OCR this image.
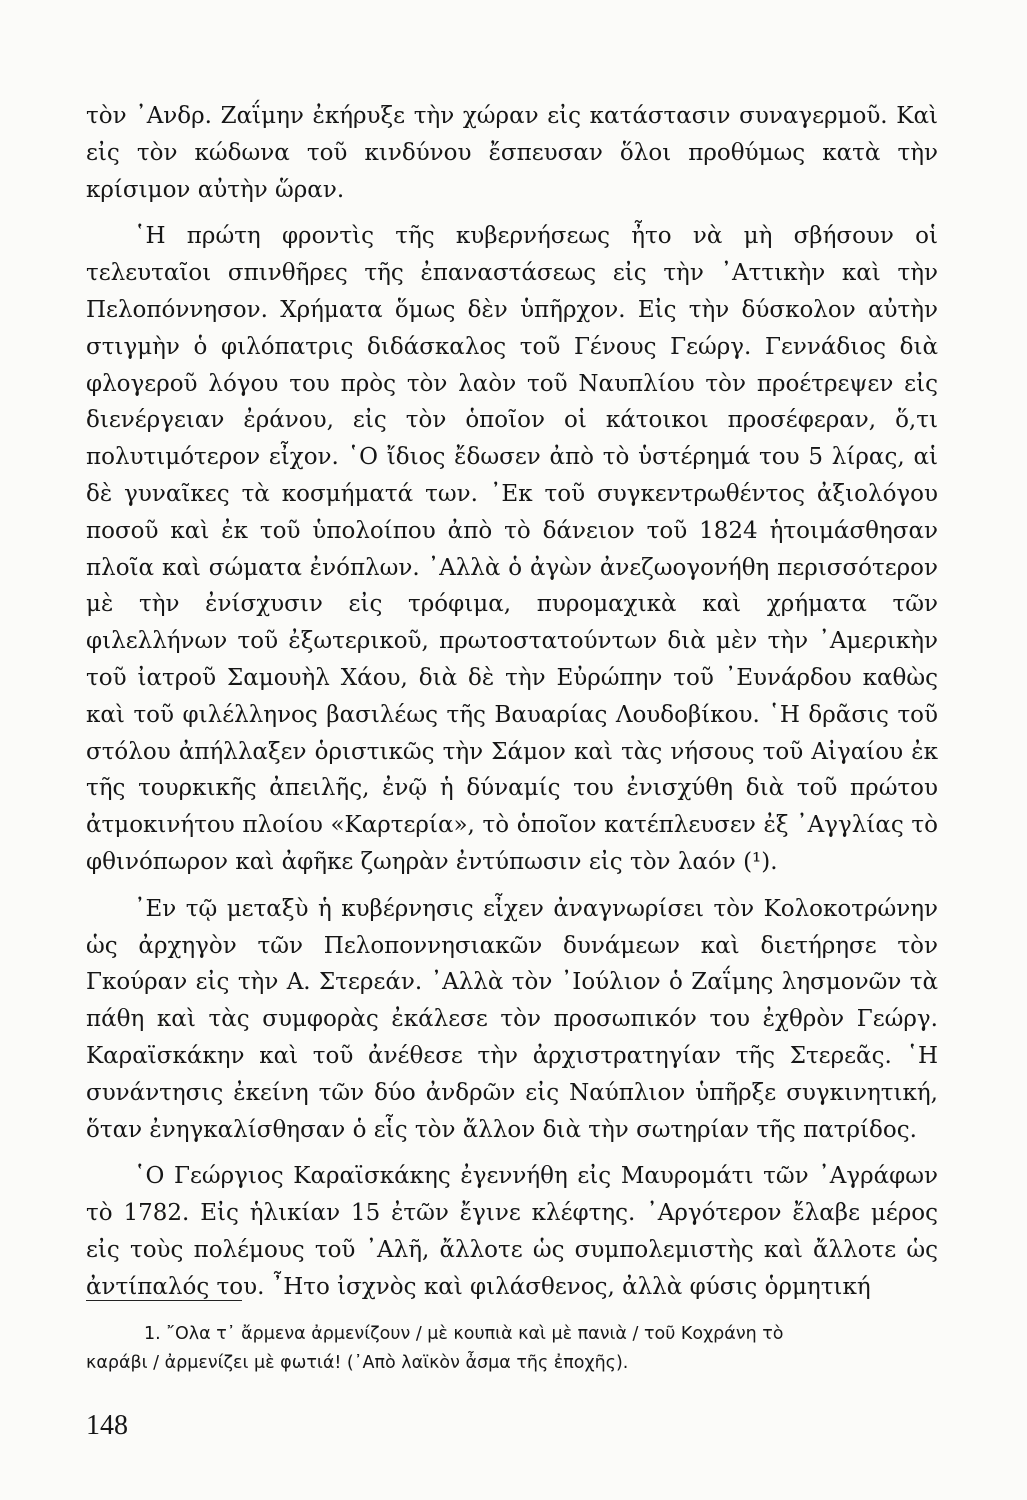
τὸν ᾿Ανδρ. Ζαΐμην ἐκήρυξε τὴν χώραν εἰς κατάστασιν συναγερμοῦ. Καὶ εἰς τὸν κώδωνα τοῦ κινδύνου ἔσπευσαν ὅλοι προθύμως κατὰ τὴν κρίσιμον αὐτὴν ὥραν.

῾Η πρώτη φροντὶς τῆς κυβερνήσεως ἦτο νὰ μὴ σβήσουν οἱ τελευταῖοι σπινθῆρες τῆς ἐπαναστάσεως εἰς τὴν ᾿Αττικὴν καὶ τὴν Πελοπόννησον. Χρήματα ὅμως δὲν ὑπῆρχον. Εἰς τὴν δύσκολον αὐτὴν στιγμὴν ὁ φιλόπατρις διδάσκαλος τοῦ Γένους Γεώργ. Γεννάδιος διὰ φλογεροῦ λόγου του πρὸς τὸν λαὸν τοῦ Ναυπλίου τὸν προέτρεψεν εἰς διενέργειαν ἐράνου, εἰς τὸν ὁποῖον οἱ κάτοικοι προσέφεραν, ὅ,τι πολυτιμότερον εἶχον. ῾Ο ἴδιος ἔδωσεν ἀπὸ τὸ ὑστέρημά του 5 λίρας, αἱ δὲ γυναῖκες τὰ κοσμήματά των. ᾿Εκ τοῦ συγκεντρωθέντος ἀξιολόγου ποσοῦ καὶ ἐκ τοῦ ὑπολοίπου ἀπὸ τὸ δάνειον τοῦ 1824 ἡτοιμάσθησαν πλοῖα καὶ σώματα ἐνόπλων. ᾿Αλλὰ ὁ ἀγὼν ἀνεζωογονήθη περισσότερον μὲ τὴν ἐνίσχυσιν εἰς τρόφιμα, πυρομαχικὰ καὶ χρήματα τῶν φιλελλήνων τοῦ ἐξωτερικοῦ, πρωτοστατούντων διὰ μὲν τὴν ᾿Αμερικὴν τοῦ ἰατροῦ Σαμουὴλ Χάου, διὰ δὲ τὴν Εὐρώπην τοῦ ᾿Ευνάρδου καθὼς καὶ τοῦ φιλέλληνος βασιλέως τῆς Βαυαρίας Λουδοβίκου. ῾Η δρᾶσις τοῦ στόλου ἀπήλλαξεν ὁριστικῶς τὴν Σάμον καὶ τὰς νήσους τοῦ Αἰγαίου ἐκ τῆς τουρκικῆς ἀπειλῆς, ἐνῷ ἡ δύναμίς του ἐνισχύθη διὰ τοῦ πρώτου ἀτμοκινήτου πλοίου «Καρτερία», τὸ ὁποῖον κατέπλευσεν ἐξ ᾿Αγγλίας τὸ φθινόπωρον καὶ ἀφῆκε ζωηρὰν ἐντύπωσιν εἰς τὸν λαόν (¹).

᾿Εν τῷ μεταξὺ ἡ κυβέρνησις εἶχεν ἀναγνωρίσει τὸν Κολοκοτρώνην ὡς ἀρχηγὸν τῶν Πελοποννησιακῶν δυνάμεων καὶ διετήρησε τὸν Γκούραν εἰς τὴν Α. Στερεάν. ᾿Αλλὰ τὸν ᾿Ιούλιον ὁ Ζαΐμης λησμονῶν τὰ πάθη καὶ τὰς συμφορὰς ἐκάλεσε τὸν προσωπικόν του ἐχθρὸν Γεώργ. Καραϊσκάκην καὶ τοῦ ἀνέθεσε τὴν ἀρχιστρατηγίαν τῆς Στερεᾶς. ῾Η συνάντησις ἐκείνη τῶν δύο ἀνδρῶν εἰς Ναύπλιον ὑπῆρξε συγκινητική, ὅταν ἐνηγκαλίσθησαν ὁ εἷς τὸν ἄλλον διὰ τὴν σωτηρίαν τῆς πατρίδος.

῾Ο Γεώργιος Καραϊσκάκης ἐγεννήθη εἰς Μαυρομάτι τῶν ᾿Αγράφων τὸ 1782. Εἰς ἡλικίαν 15 ἐτῶν ἔγινε κλέφτης. ᾿Αργότερον ἔλαβε μέρος εἰς τοὺς πολέμους τοῦ ᾿Αλῆ, ἄλλοτε ὡς συμπολεμιστὴς καὶ ἄλλοτε ὡς ἀντίπαλός του. ῏Ητο ἰσχνὸς καὶ φιλάσθενος, ἀλλὰ φύσις ὁρμητική

1. ῎Ολα τ᾿ ἄρμενα ἀρμενίζουν / μὲ κουπιὰ καὶ μὲ πανιὰ / τοῦ Κοχράνη τὸ
καράβι / ἀρμενίζει μὲ φωτιά! (᾿Απὸ λαϊκὸν ἆσμα τῆς ἐποχῆς).
148
